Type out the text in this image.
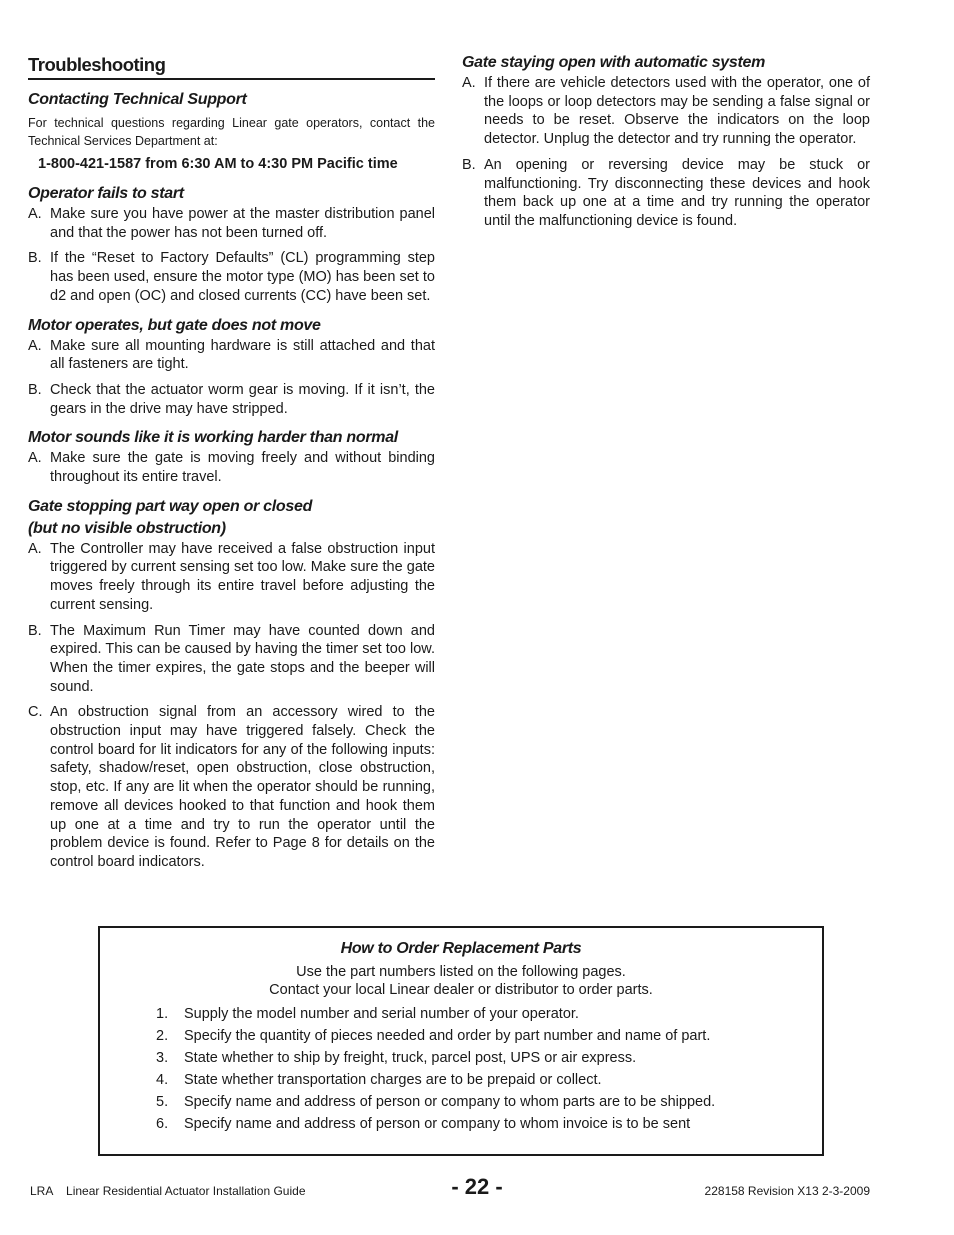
Troubleshooting
Contacting Technical Support

For technical questions regarding Linear gate operators, contact the Technical Services Department at:

1-800-421-1587 from 6:30 AM to 4:30 PM Pacific time

Operator fails to start
A. Make sure you have power at the master distribution panel and that the power has not been turned off.
B. If the “Reset to Factory Defaults” (CL) programming step has been used, ensure the motor type (MO) has been set to d2 and open (OC) and closed currents (CC) have been set.
Motor operates, but gate does not move
A. Make sure all mounting hardware is still attached and that all fasteners are tight.
B. Check that the actuator worm gear is moving. If it isn’t, the gears in the drive may have stripped.
Motor sounds like it is working harder than normal
A. Make sure the gate is moving freely and without binding throughout its entire travel.
Gate stopping part way open or closed
(but no visible obstruction)
A. The Controller may have received a false obstruction input triggered by current sensing set too low. Make sure the gate moves freely through its entire travel before adjusting the current sensing.
B. The Maximum Run Timer may have counted down and expired. This can be caused by having the timer set too low. When the timer expires, the gate stops and the beeper will sound.
C. An obstruction signal from an accessory wired to the obstruction input may have triggered falsely. Check the control board for lit indicators for any of the following inputs: safety, shadow/reset, open obstruction, close obstruction, stop, etc. If any are lit when the operator should be running, remove all devices hooked to that function and hook them up one at a time and try to run the operator until the problem device is found. Refer to Page 8 for details on the control board indicators.
Gate staying open with automatic system
A. If there are vehicle detectors used with the operator, one of the loops or loop detectors may be sending a false signal or needs to be reset. Observe the indicators on the loop detector. Unplug the detector and try running the operator.
B. An opening or reversing device may be stuck or malfunctioning. Try disconnecting these devices and hook them back up one at a time and try running the operator until the malfunctioning device is found.
How to Order Replacement Parts
Use the part numbers listed on the following pages.
Contact your local Linear dealer or distributor to order parts.
1.	Supply the model number and serial number of your operator.
2.	Specify the quantity of pieces needed and order by part number and name of part.
3.	State whether to ship by freight, truck, parcel post, UPS or air express.
4.	State whether transportation charges are to be prepaid or collect.
5.	Specify name and address of person or company to whom parts are to be shipped.
6.	Specify name and address of person or company to whom invoice is to be sent
LRA    Linear Residential Actuator Installation Guide	- 22 -	228158 Revision X13 2-3-2009
